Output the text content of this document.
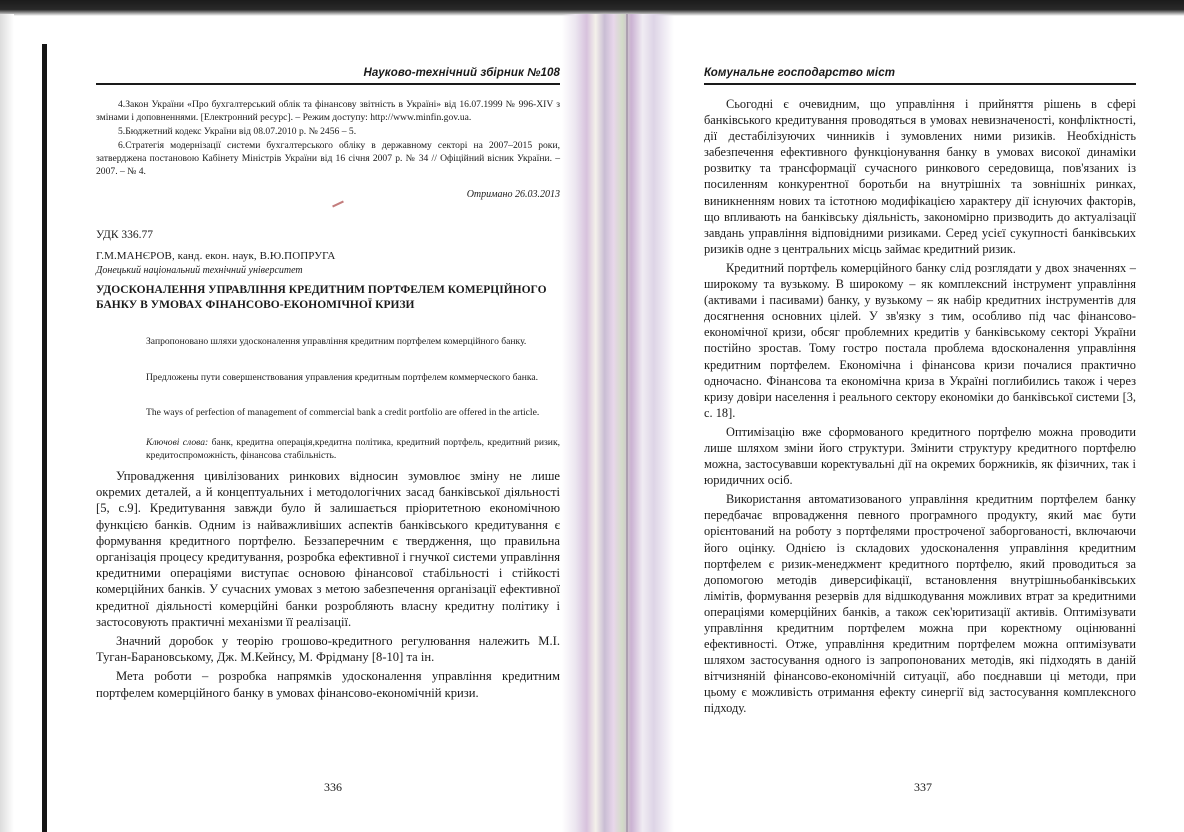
Науково-технічний збірник №108

4.Закон України «Про бухгалтерський облік та фінансову звітність в Україні» від 16.07.1999 № 996-XIV з змінами і доповненнями. [Електронний ресурс]. – Режим доступу: http://www.minfin.gov.ua.

5.Бюджетний кодекс України від 08.07.2010 р. № 2456 – 5.

6.Стратегія модернізації системи бухгалтерського обліку в державному секторі на 2007–2015 роки, затверджена постановою Кабінету Міністрів України від 16 січня 2007 р. № 34 // Офіційний вісник України. – 2007. – № 4.

Отримано 26.03.2013
УДК 336.77
Г.М.МАНЄРОВ, канд. екон. наук, В.Ю.ПОПРУГА
Донецький національний технічний університет
УДОСКОНАЛЕННЯ УПРАВЛІННЯ КРЕДИТНИМ ПОРТФЕЛЕМ КОМЕРЦІЙНОГО БАНКУ В УМОВАХ ФІНАНСОВО-ЕКОНОМІЧНОЇ КРИЗИ

Запропоновано шляхи удосконалення управління кредитним портфелем комерційного банку.

Предложены пути совершенствования управления кредитным портфелем коммерческого банка.

The ways of perfection of management of commercial bank a credit portfolio are offered in the article.

Ключові слова: банк, кредитна операція,кредитна політика, кредитний портфель, кредитний ризик, кредитоспроможність, фінансова стабільність.

Упровадження цивілізованих ринкових відносин зумовлює зміну не лише окремих деталей, а й концептуальних і методологічних засад банківської діяльності [5, с.9]. Кредитування завжди було й залишається пріоритетною економічною функцією банків. Одним із найважливіших аспектів банківського кредитування є формування кредитного портфелю. Беззаперечним є твердження, що правильна організація процесу кредитування, розробка ефективної і гнучкої системи управління кредитними операціями виступає основою фінансової стабільності і стійкості комерційних банків. У сучасних умовах з метою забезпечення організації ефективної кредитної діяльності комерційні банки розробляють власну кредитну політику і застосовують практичні механізми її реалізації.

Значний доробок у теорію грошово-кредитного регулювання належить М.І. Туган-Барановському, Дж. М.Кейнсу, М. Фрідману [8-10] та ін.

Мета роботи – розробка напрямків удосконалення управління кредитним портфелем комерційного банку в умовах фінансово-економічній кризи.

336
Комунальне господарство міст

Сьогодні є очевидним, що управління і прийняття рішень в сфері банківського кредитування проводяться в умовах невизначеності, конфліктності, дії дестабілізуючих чинників і зумовлених ними ризиків. Необхідність забезпечення ефективного функціонування банку в умовах високої динаміки розвитку та трансформації сучасного ринкового середовища, пов'язаних із посиленням конкурентної боротьби на внутрішніх та зовнішніх ринках, виникненням нових та істотною модифікацією характеру дії існуючих факторів, що впливають на банківську діяльність, закономірно призводить до актуалізації завдань управління відповідними ризиками. Серед усієї сукупності банківських ризиків одне з центральних місць займає кредитний ризик.

Кредитний портфель комерційного банку слід розглядати у двох значеннях – широкому та вузькому. В широкому – як комплексний інструмент управління (активами і пасивами) банку, у вузькому – як набір кредитних інструментів для досягнення основних цілей. У зв'язку з тим, особливо під час фінансово-економічної кризи, обсяг проблемних кредитів у банківському секторі України постійно зростав. Тому гостро постала проблема вдосконалення управління кредитним портфелем. Економічна і фінансова кризи почалися практично одночасно. Фінансова та економічна криза в Україні поглибились також і через кризу довіри населення і реального сектору економіки до банківської системи [3, с. 18].

Оптимізацію вже сформованого кредитного портфелю можна проводити лише шляхом зміни його структури. Змінити структуру кредитного портфелю можна, застосувавши коректувальні дії на окремих боржників, як фізичних, так і юридичних осіб.

Використання автоматизованого управління кредитним портфелем банку передбачає впровадження певного програмного продукту, який має бути орієнтований на роботу з портфелями простроченої заборгованості, включаючи його оцінку. Однією із складових удосконалення управління кредитним портфелем є ризик-менеджмент кредитного портфелю, який проводиться за допомогою методів диверсифікації, встановлення внутрішньобанківських лімітів, формування резервів для відшкодування можливих втрат за кредитними операціями комерційних банків, а також сек'юритизації активів. Оптимізувати управління кредитним портфелем можна при коректному оцінюванні ефективності. Отже, управління кредитним портфелем можна оптимізувати шляхом застосування одного із запропонованих методів, які підходять в даній вітчизняній фінансово-економічній ситуації, або поєднавши ці методи, при цьому є можливість отримання ефекту синергії від застосування комплексного підходу.

337
